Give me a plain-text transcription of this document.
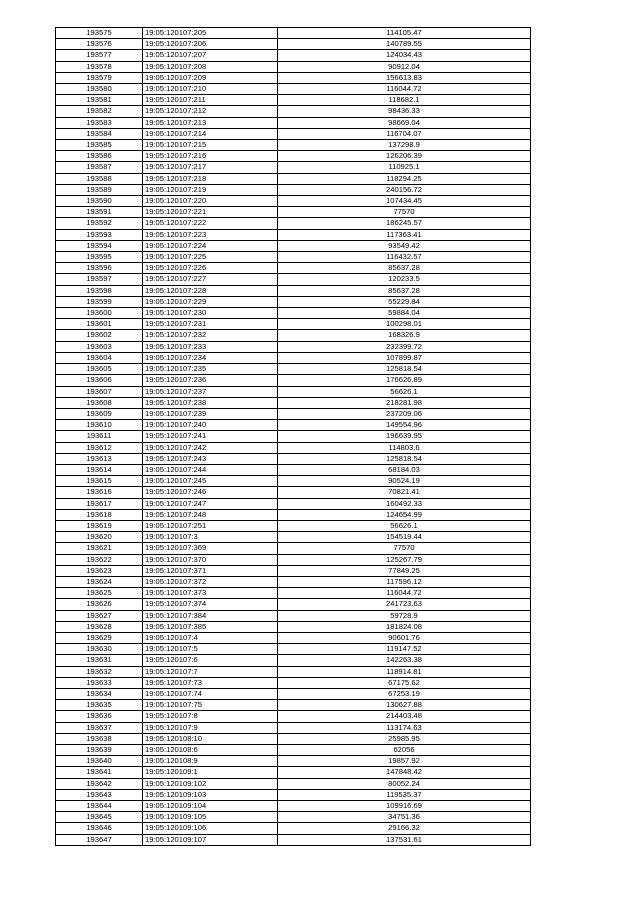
193575	19:05:120107:205	114105.47
193576	19:05:120107:206	140789.55
193577	19:05:120107:207	124034.43
193578	19:05:120107:208	90912.04
193579	19:05:120107:209	156613.83
193580	19:05:120107:210	116044.72
193581	19:05:120107:211	118682.1
193582	19:05:120107:212	98436.33
193583	19:05:120107:213	98669.04
193584	19:05:120107:214	116704.07
193585	19:05:120107:215	137298.9
193586	19:05:120107:216	126206.39
193587	19:05:120107:217	110925.1
193588	19:05:120107:218	118294.25
193589	19:05:120107:219	240156.72
193590	19:05:120107:220	107434.45
193591	19:05:120107:221	77570
193592	19:05:120107:222	186245.57
193593	19:05:120107:223	117363.41
193594	19:05:120107:224	93549.42
193595	19:05:120107:225	116432.57
193596	19:05:120107:226	85637.28
193597	19:05:120107:227	120233.5
193598	19:05:120107:228	85637.28
193599	19:05:120107:229	55229.84
193600	19:05:120107:230	59884.04
193601	19:05:120107:231	100298.01
193602	19:05:120107:232	168326.9
193603	19:05:120107:233	232399.72
193604	19:05:120107:234	107899.87
193605	19:05:120107:235	125818.54
193606	19:05:120107:236	176626.89
193607	19:05:120107:237	56626.1
193608	19:05:120107:238	218281.98
193609	19:05:120107:239	237209.06
193610	19:05:120107:240	149554.96
193611	19:05:120107:241	196639.95
193612	19:05:120107:242	114803.6
193613	19:05:120107:243	125818.54
193614	19:05:120107:244	68184.03
193615	19:05:120107:245	90524.19
193616	19:05:120107:246	70821.41
193617	19:05:120107:247	160492.33
193618	19:05:120107:248	124654.99
193619	19:05:120107:251	56626.1
193620	19:05:120107:3	154519.44
193621	19:05:120107:369	77570
193622	19:05:120107:370	125267.79
193623	19:05:120107:371	77849.25
193624	19:05:120107:372	117596.12
193625	19:05:120107:373	116044.72
193626	19:05:120107:374	241723.63
193627	19:05:120107:384	59728.9
193628	19:05:120107:385	181824.08
193629	19:05:120107:4	90601.76
193630	19:05:120107:5	119147.52
193631	19:05:120107:6	142263.38
193632	19:05:120107:7	118914.81
193633	19:05:120107:73	67175.62
193634	19:05:120107:74	67253.19
193635	19:05:120107:75	130627.88
193636	19:05:120107:8	214403.48
193637	19:05:120107:9	113174.63
193638	19:05:120108:10	25985.95
193639	19:05:120108:6	62056
193640	19:05:120108:9	19857.92
193641	19:05:120109:1	147848.42
193642	19:05:120109:102	80052.24
193643	19:05:120109:103	119535.37
193644	19:05:120109:104	109916.69
193645	19:05:120109:105	34751.36
193646	19:05:120109:106	29166.32
193647	19:05:120109:107	137531.61
